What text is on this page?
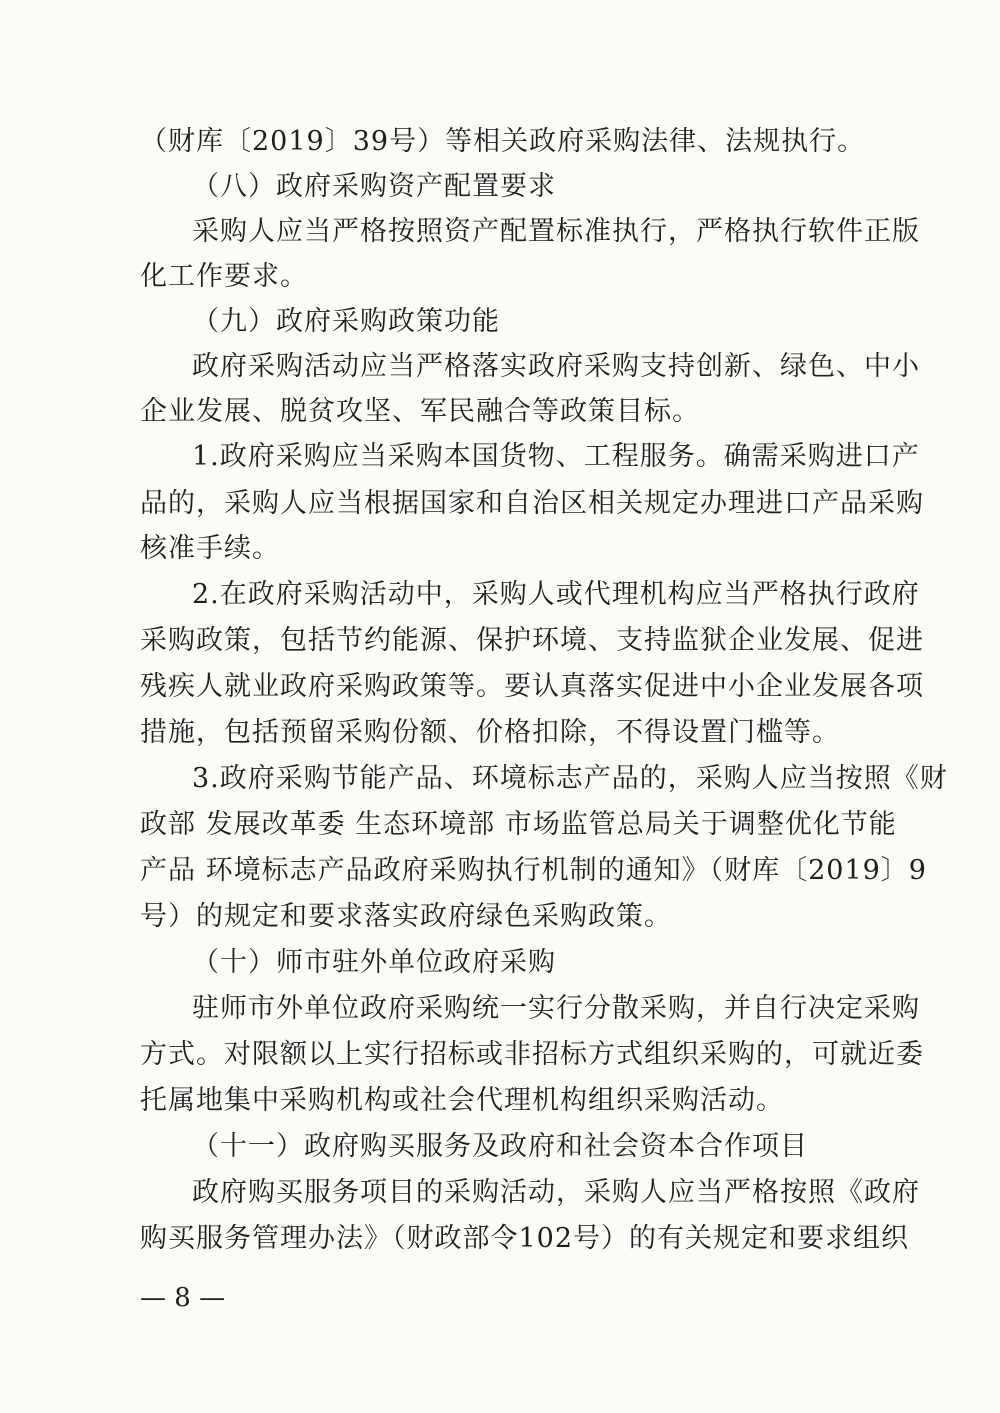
（财库〔2019〕39号）等相关政府采购法律、法规执行。
（八）政府采购资产配置要求
采购人应当严格按照资产配置标准执行，严格执行软件正版
化工作要求。
（九）政府采购政策功能
政府采购活动应当严格落实政府采购支持创新、绿色、中小
企业发展、脱贫攻坚、军民融合等政策目标。
1.政府采购应当采购本国货物、工程服务。确需采购进口产
品的，采购人应当根据国家和自治区相关规定办理进口产品采购
核准手续。
2.在政府采购活动中，采购人或代理机构应当严格执行政府
采购政策，包括节约能源、保护环境、支持监狱企业发展、促进
残疾人就业政府采购政策等。要认真落实促进中小企业发展各项
措施，包括预留采购份额、价格扣除，不得设置门槛等。
3.政府采购节能产品、环境标志产品的，采购人应当按照《财
政部 发展改革委 生态环境部 市场监管总局关于调整优化节能
产品 环境标志产品政府采购执行机制的通知》（财库〔2019〕9
号）的规定和要求落实政府绿色采购政策。
（十）师市驻外单位政府采购
驻师市外单位政府采购统一实行分散采购，并自行决定采购
方式。对限额以上实行招标或非招标方式组织采购的，可就近委
托属地集中采购机构或社会代理机构组织采购活动。
（十一）政府购买服务及政府和社会资本合作项目
政府购买服务项目的采购活动，采购人应当严格按照《政府
购买服务管理办法》（财政部令102号）的有关规定和要求组织
— 8 —
